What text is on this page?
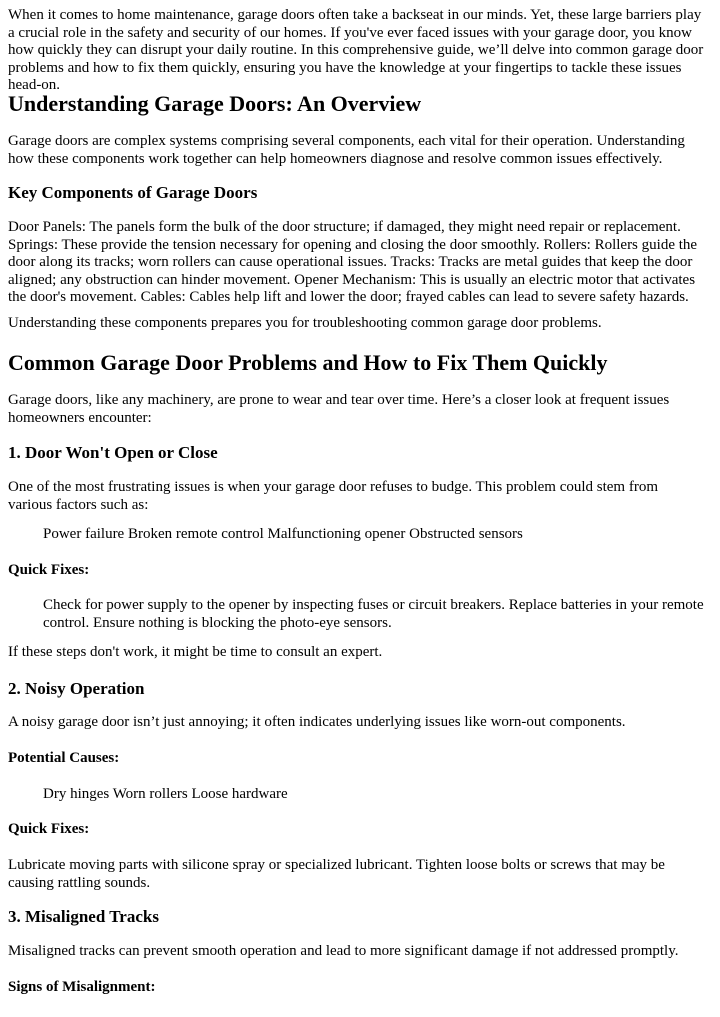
When it comes to home maintenance, garage doors often take a backseat in our minds. Yet, these large barriers play a crucial role in the safety and security of our homes. If you've ever faced issues with your garage door, you know how quickly they can disrupt your daily routine. In this comprehensive guide, we’ll delve into common garage door problems and how to fix them quickly, ensuring you have the knowledge at your fingertips to tackle these issues head-on.

Understanding Garage Doors: An Overview

Garage doors are complex systems comprising several components, each vital for their operation. Understanding how these components work together can help homeowners diagnose and resolve common issues effectively.

Key Components of Garage Doors

Door Panels: The panels form the bulk of the door structure; if damaged, they might need repair or replacement. Springs: These provide the tension necessary for opening and closing the door smoothly. Rollers: Rollers guide the door along its tracks; worn rollers can cause operational issues. Tracks: Tracks are metal guides that keep the door aligned; any obstruction can hinder movement. Opener Mechanism: This is usually an electric motor that activates the door's movement. Cables: Cables help lift and lower the door; frayed cables can lead to severe safety hazards.

Understanding these components prepares you for troubleshooting common garage door problems.

Common Garage Door Problems and How to Fix Them Quickly

Garage doors, like any machinery, are prone to wear and tear over time. Here’s a closer look at frequent issues homeowners encounter:

1. Door Won't Open or Close

One of the most frustrating issues is when your garage door refuses to budge. This problem could stem from various factors such as:

Power failure Broken remote control Malfunctioning opener Obstructed sensors

Quick Fixes:

Check for power supply to the opener by inspecting fuses or circuit breakers. Replace batteries in your remote control. Ensure nothing is blocking the photo-eye sensors.

If these steps don't work, it might be time to consult an expert.

2. Noisy Operation

A noisy garage door isn’t just annoying; it often indicates underlying issues like worn-out components.

Potential Causes:

Dry hinges Worn rollers Loose hardware

Quick Fixes:

Lubricate moving parts with silicone spray or specialized lubricant. Tighten loose bolts or screws that may be causing rattling sounds.

3. Misaligned Tracks

Misaligned tracks can prevent smooth operation and lead to more significant damage if not addressed promptly.

Signs of Misalignment:
